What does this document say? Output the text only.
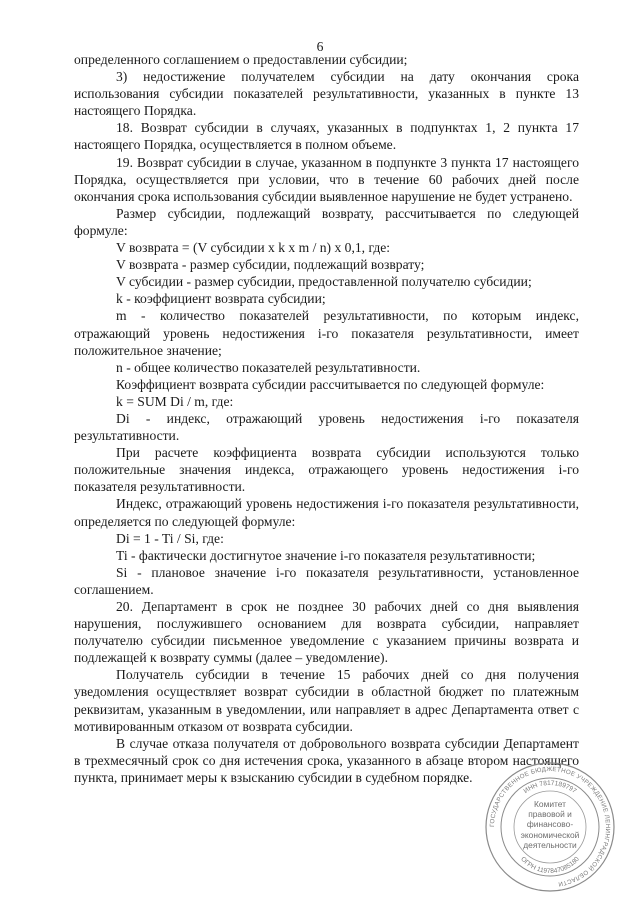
6

определенного соглашением о предоставлении субсидии;

3) недостижение получателем субсидии на дату окончания срока использования субсидии показателей результативности, указанных в пункте 13 настоящего Порядка.

18. Возврат субсидии в случаях, указанных в подпунктах 1, 2 пункта 17 настоящего Порядка, осуществляется в полном объеме.

19. Возврат субсидии в случае, указанном в подпункте 3 пункта 17 настоящего Порядка, осуществляется при условии, что в течение 60 рабочих дней после окончания срока использования субсидии выявленное нарушение не будет устранено.

Размер субсидии, подлежащий возврату, рассчитывается по следующей формуле:

V возврата = (V субсидии x k x m / n) x 0,1, где:

V возврата - размер субсидии, подлежащий возврату;

V субсидии - размер субсидии, предоставленной получателю субсидии;

k - коэффициент возврата субсидии;

m - количество показателей результативности, по которым индекс, отражающий уровень недостижения i-го показателя результативности, имеет положительное значение;

n - общее количество показателей результативности.

Коэффициент возврата субсидии рассчитывается по следующей формуле:

k = SUM Di / m, где:

Di - индекс, отражающий уровень недостижения i-го показателя результативности.

При расчете коэффициента возврата субсидии используются только положительные значения индекса, отражающего уровень недостижения i-го показателя результативности.

Индекс, отражающий уровень недостижения i-го показателя результативности, определяется по следующей формуле:

Di = 1 - Ti / Si, где:

Ti - фактически достигнутое значение i-го показателя результативности;

Si - плановое значение i-го показателя результативности, установленное соглашением.

20. Департамент в срок не позднее 30 рабочих дней со дня выявления нарушения, послужившего основанием для возврата субсидии, направляет получателю субсидии письменное уведомление с указанием причины возврата и подлежащей к возврату суммы (далее – уведомление).

Получатель субсидии в течение 15 рабочих дней со дня получения уведомления осуществляет возврат субсидии в областной бюджет по платежным реквизитам, указанным в уведомлении, или направляет в адрес Департамента ответ с мотивированным отказом от возврата субсидии.

В случае отказа получателя от добровольного возврата субсидии Департамент в трехмесячный срок со дня истечения срока, указанного в абзаце втором настоящего пункта, принимает меры к взысканию субсидии в судебном порядке.

ГОСУДАРСТВЕННОЕ БЮДЖЕТНОЕ УЧРЕЖДЕНИЕ ЛЕНИНГРАДСКОЙ ОБЛАСТИ
ИНН 7817189797
ОГРН 1197847085180
Комитет
правовой и
финансово-
экономической
деятельности
